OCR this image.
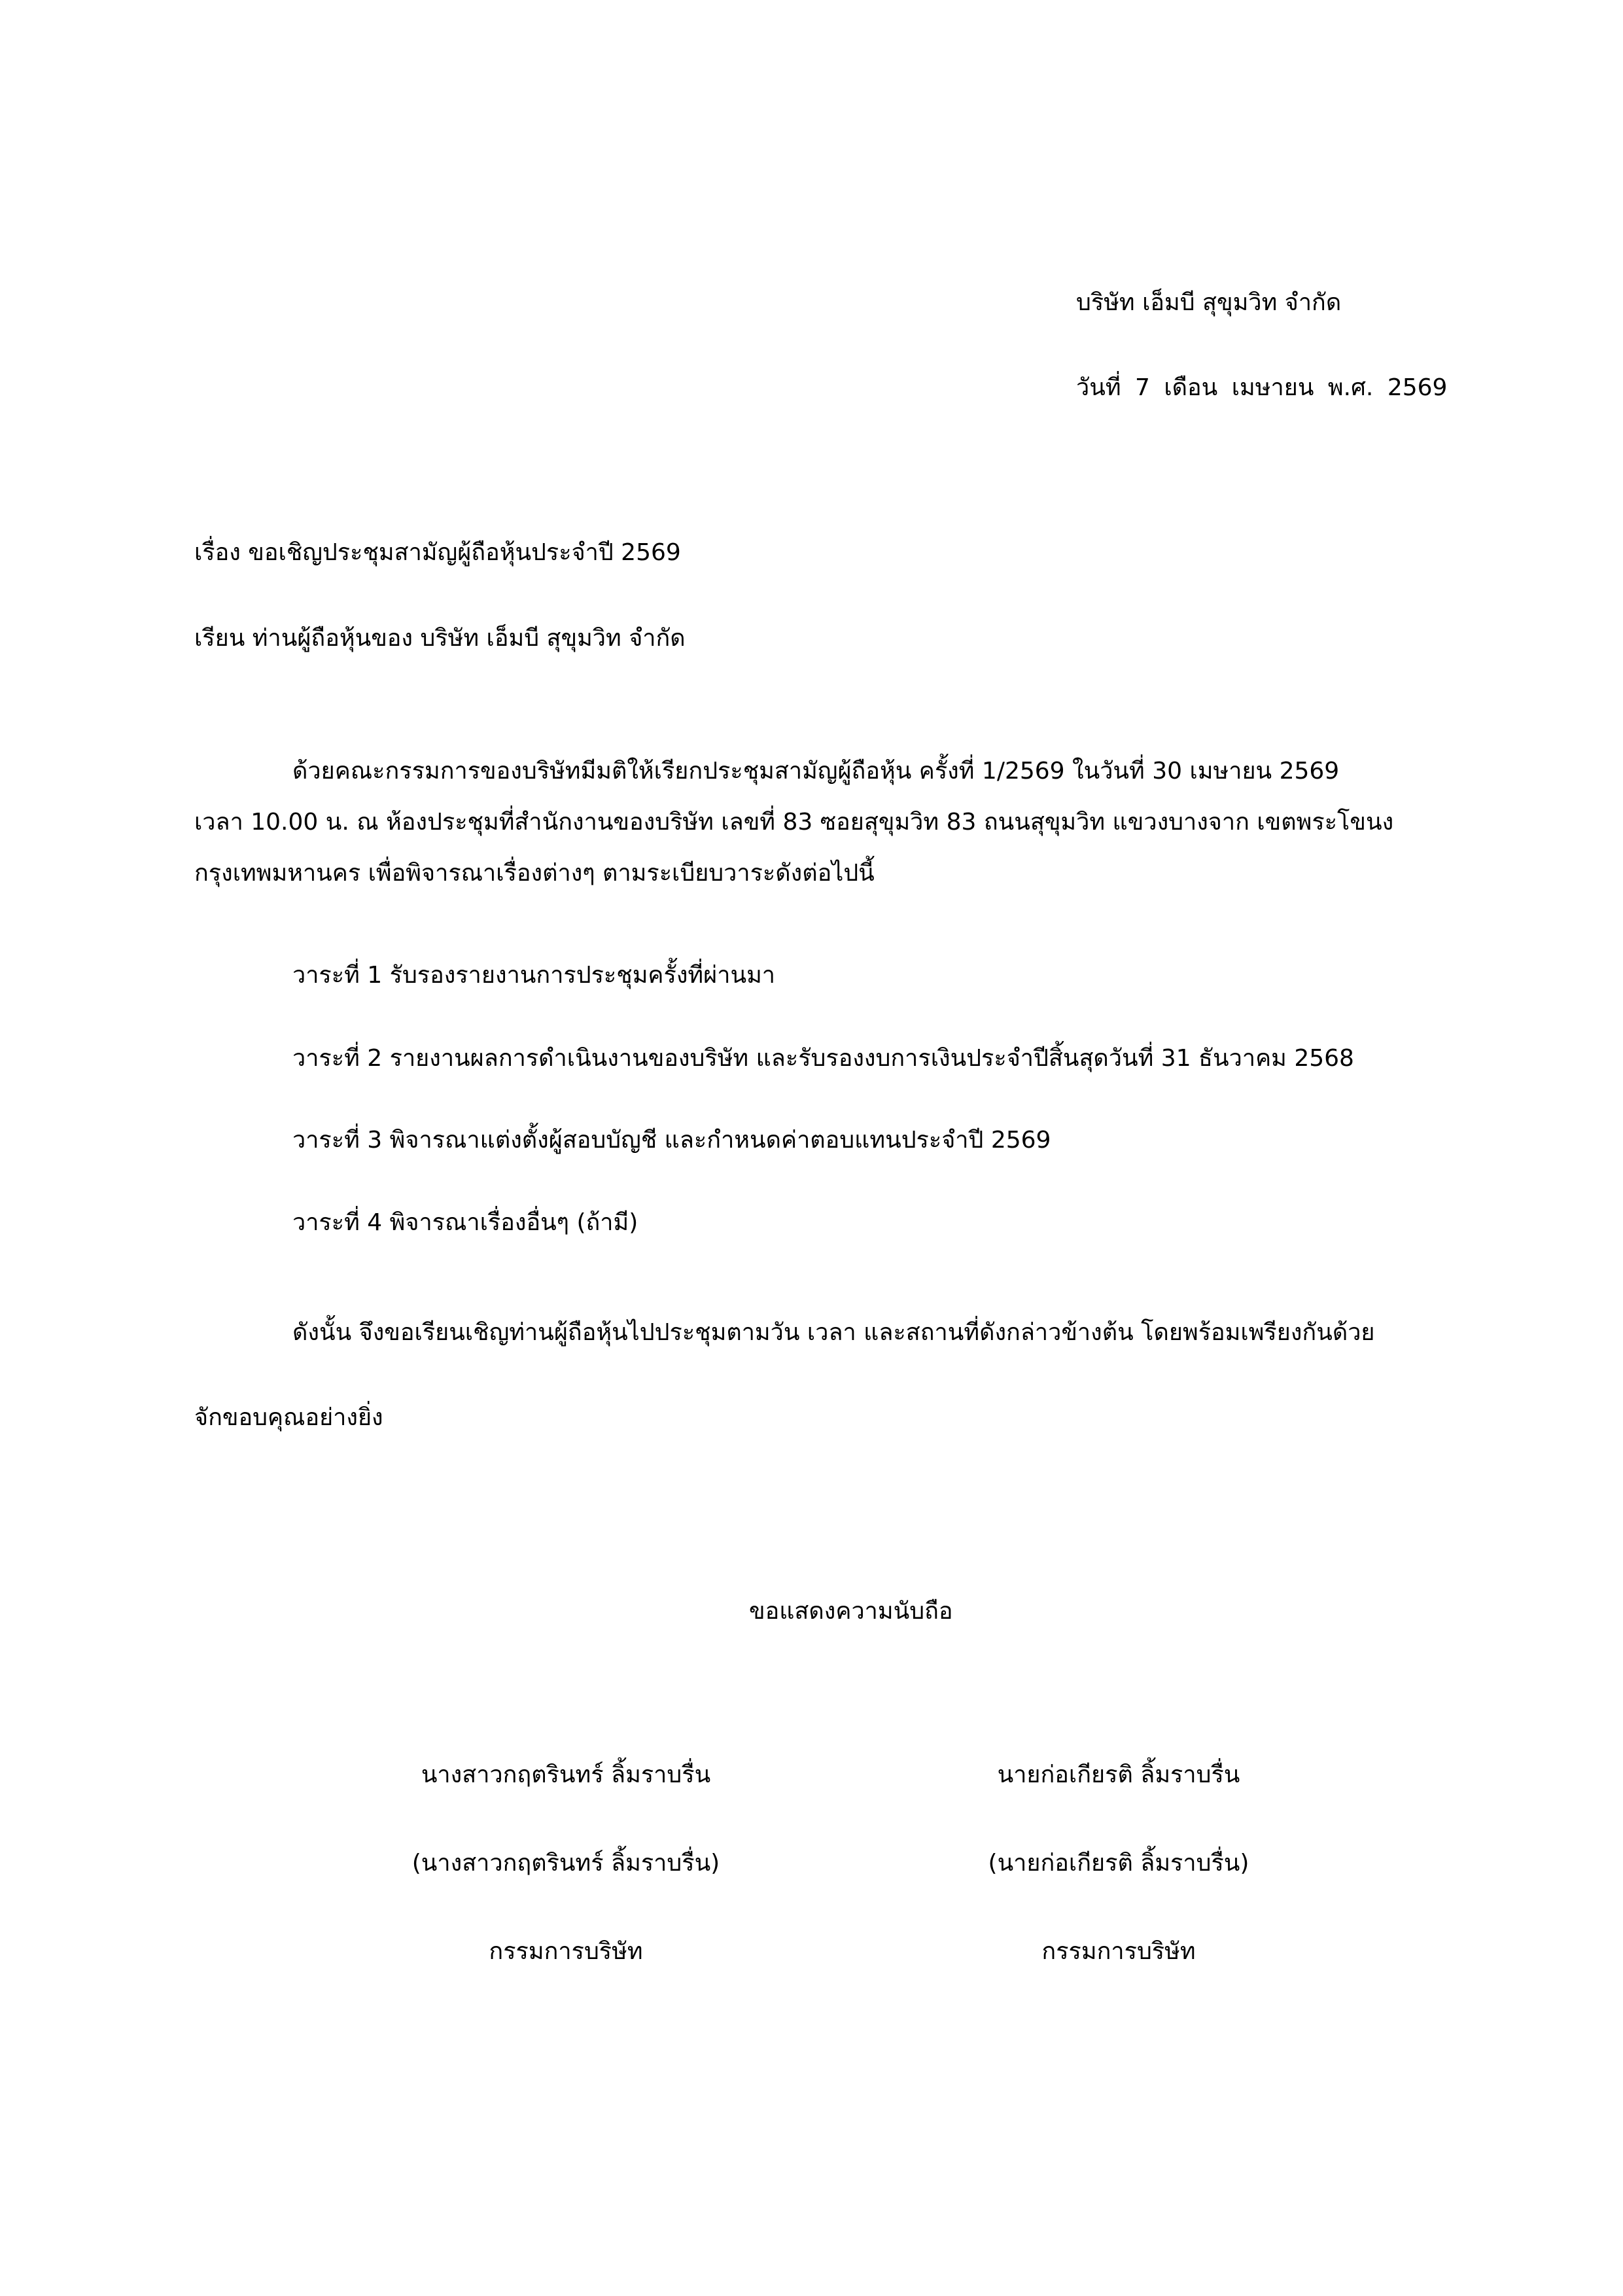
บริษัท เอ็มบี สุขุมวิท จำกัด
วันที่ 7 เดือน เมษายน พ.ศ. 2569
เรื่อง ขอเชิญประชุมสามัญผู้ถือหุ้นประจำปี 2569
เรียน ท่านผู้ถือหุ้นของ บริษัท เอ็มบี สุขุมวิท จำกัด
ด้วยคณะกรรมการของบริษัทมีมติให้เรียกประชุมสามัญผู้ถือหุ้น ครั้งที่ 1/2569 ในวันที่ 30 เมษายน 2569
เวลา 10.00 น. ณ ห้องประชุมที่สำนักงานของบริษัท เลขที่ 83 ซอยสุขุมวิท 83 ถนนสุขุมวิท แขวงบางจาก เขตพระโขนง
กรุงเทพมหานคร เพื่อพิจารณาเรื่องต่างๆ ตามระเบียบวาระดังต่อไปนี้
วาระที่ 1 รับรองรายงานการประชุมครั้งที่ผ่านมา
วาระที่ 2 รายงานผลการดำเนินงานของบริษัท และรับรองงบการเงินประจำปีสิ้นสุดวันที่ 31 ธันวาคม 2568
วาระที่ 3 พิจารณาแต่งตั้งผู้สอบบัญชี และกำหนดค่าตอบแทนประจำปี 2569
วาระที่ 4 พิจารณาเรื่องอื่นๆ (ถ้ามี)
ดังนั้น จึงขอเรียนเชิญท่านผู้ถือหุ้นไปประชุมตามวัน เวลา และสถานที่ดังกล่าวข้างต้น โดยพร้อมเพรียงกันด้วย
จักขอบคุณอย่างยิ่ง
ขอแสดงความนับถือ
นางสาวกฤตรินทร์ ลิ้มราบรื่น
(นางสาวกฤตรินทร์ ลิ้มราบรื่น)
กรรมการบริษัท
นายก่อเกียรติ ลิ้มราบรื่น
(นายก่อเกียรติ ลิ้มราบรื่น)
กรรมการบริษัท
